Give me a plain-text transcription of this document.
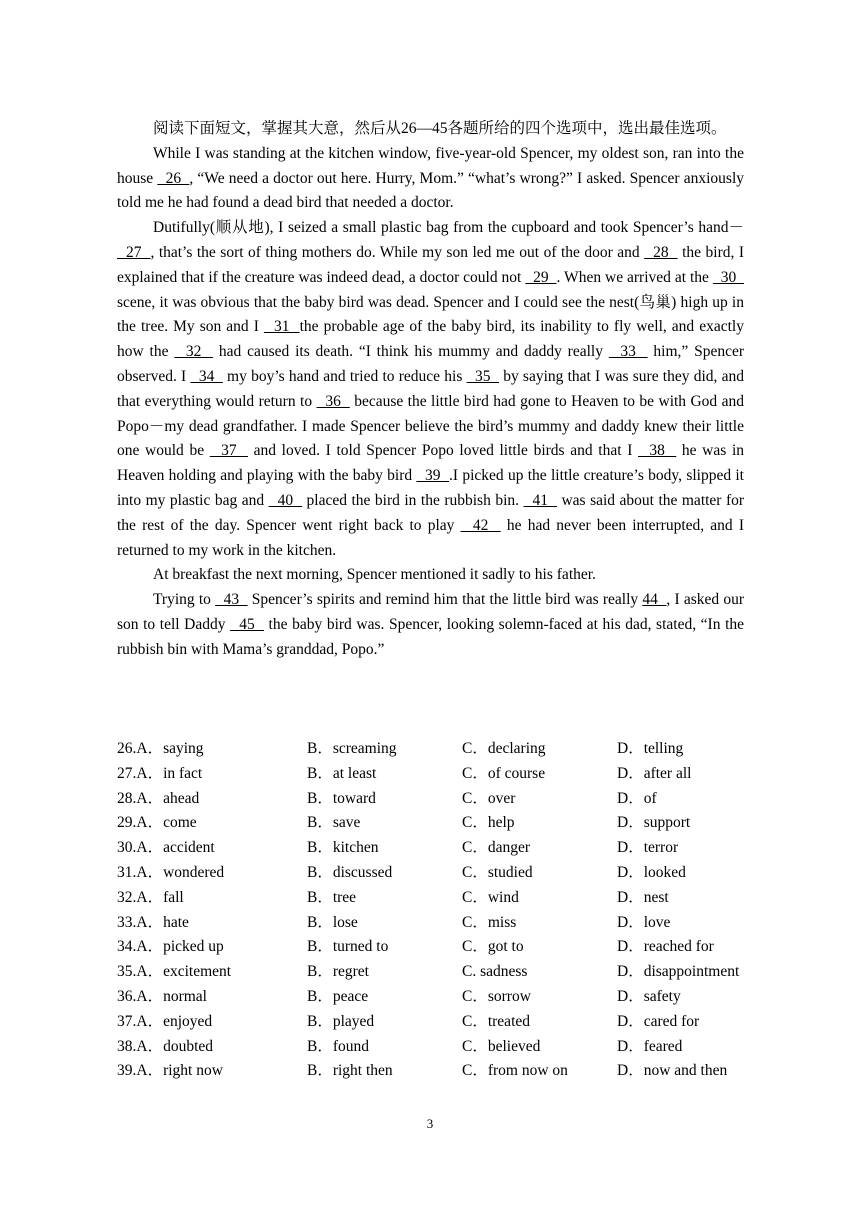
阅读下面短文，掌握其大意，然后从26—45各题所给的四个选项中，选出最佳选项。

While I was standing at the kitchen window, five-year-old Spencer, my oldest son, ran into the house   26  , “We need a doctor out here. Hurry, Mom.” “what’s wrong?” I asked. Spencer anxiously told me he had found a dead bird that needed a doctor.

Dutifully(顺从地), I seized a small plastic bag from the cupboard and took Spencer’s hand－   27  , that’s the sort of thing mothers do. While my son led me out of the door and   28   the bird, I explained that if the creature was indeed dead, a doctor could not   29  . When we arrived at the   30   scene, it was obvious that the baby bird was dead. Spencer and I could see the nest(鸟巢) high up in the tree. My son and I   31  the probable age of the baby bird, its inability to fly well, and exactly how the   32   had caused its death. “I think his mummy and daddy really   33   him,” Spencer observed. I   34   my boy’s hand and tried to reduce his   35   by saying that I was sure they did, and that everything would return to   36   because the little bird had gone to Heaven to be with God and Popo－my dead grandfather. I made Spencer believe the bird’s mummy and daddy knew their little one would be   37   and loved. I told Spencer Popo loved little birds and that I   38   he was in Heaven holding and playing with the baby bird   39  .I picked up the little creature’s body, slipped it into my plastic bag and   40   placed the bird in the rubbish bin.   41   was said about the matter for the rest of the day. Spencer went right back to play   42   he had never been interrupted, and I returned to my work in the kitchen.

At breakfast the next morning, Spencer mentioned it sadly to his father.

Trying to   43   Spencer’s spirits and remind him that the little bird was really 44  , I asked our son to tell Daddy   45   the baby bird was. Spencer, looking solemn-faced at his dad, stated, “In the rubbish bin with Mama’s granddad, Popo.”

26.A．saying	B．screaming	C．declaring	D．telling
27.A．in fact	B．at least	C．of course	D．after all
28.A．ahead	B．toward	C．over	D．of
29.A．come	B．save	C．help	D．support
30.A．accident	B．kitchen	C．danger	D．terror
31.A．wondered	B．discussed	C．studied	D．looked
32.A．fall	B．tree	C．wind	D．nest
33.A．hate	B．lose	C．miss	D．love
34.A．picked up	B．turned to	C．got to	D．reached for
35.A．excitement	B．regret	C. sadness	D．disappointment
36.A．normal	B．peace	C．sorrow	D．safety
37.A．enjoyed	B．played	C．treated	D．cared for
38.A．doubted	B．found	C．believed	D．feared
39.A．right now	B．right then	C．from now on	D．now and then
3
